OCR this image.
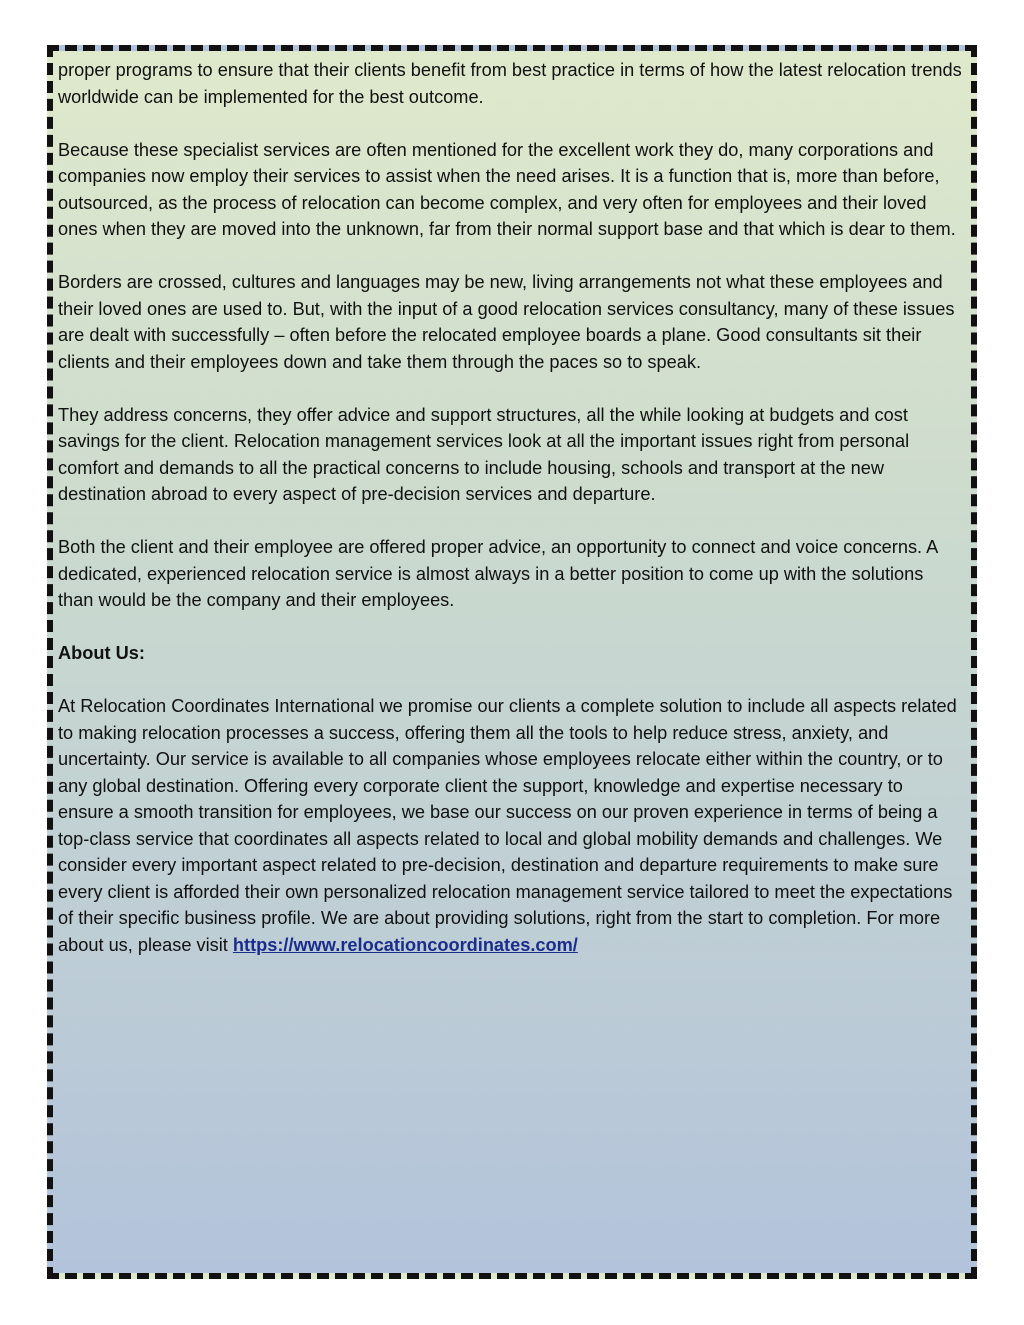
proper programs to ensure that their clients benefit from best practice in terms of how the latest relocation trends worldwide can be implemented for the best outcome.

Because these specialist services are often mentioned for the excellent work they do, many corporations and companies now employ their services to assist when the need arises. It is a function that is, more than before, outsourced, as the process of relocation can become complex, and very often for employees and their loved ones when they are moved into the unknown, far from their normal support base and that which is dear to them.

Borders are crossed, cultures and languages may be new, living arrangements not what these employees and their loved ones are used to. But, with the input of a good relocation services consultancy, many of these issues are dealt with successfully – often before the relocated employee boards a plane. Good consultants sit their clients and their employees down and take them through the paces so to speak.

They address concerns, they offer advice and support structures, all the while looking at budgets and cost savings for the client. Relocation management services look at all the important issues right from personal comfort and demands to all the practical concerns to include housing, schools and transport at the new destination abroad to every aspect of pre-decision services and departure.

Both the client and their employee are offered proper advice, an opportunity to connect and voice concerns. A dedicated, experienced relocation service is almost always in a better position to come up with the solutions than would be the company and their employees.

About Us:

At Relocation Coordinates International we promise our clients a complete solution to include all aspects related to making relocation processes a success, offering them all the tools to help reduce stress, anxiety, and uncertainty. Our service is available to all companies whose employees relocate either within the country, or to any global destination. Offering every corporate client the support, knowledge and expertise necessary to ensure a smooth transition for employees, we base our success on our proven experience in terms of being a top-class service that coordinates all aspects related to local and global mobility demands and challenges. We consider every important aspect related to pre-decision, destination and departure requirements to make sure every client is afforded their own personalized relocation management service tailored to meet the expectations of their specific business profile. We are about providing solutions, right from the start to completion. For more about us, please visit https://www.relocationcoordinates.com/
